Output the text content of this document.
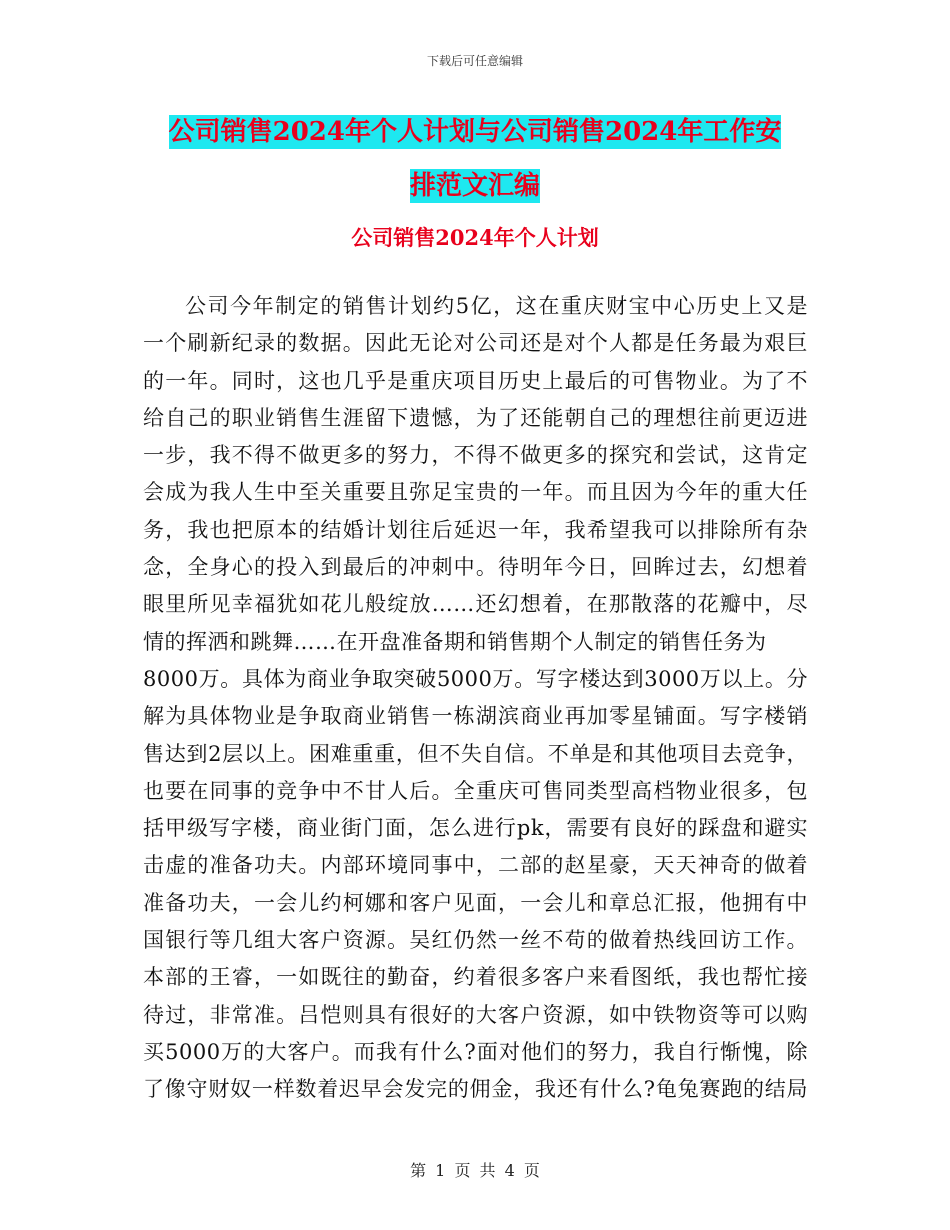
下载后可任意编辑
公司销售2024年个人计划与公司销售2024年工作安
排范文汇编
公司销售2024年个人计划
公司今年制定的销售计划约5亿，这在重庆财宝中心历史上又是
一个刷新纪录的数据。因此无论对公司还是对个人都是任务最为艰巨
的一年。同时，这也几乎是重庆项目历史上最后的可售物业。为了不
给自己的职业销售生涯留下遗憾，为了还能朝自己的理想往前更迈进
一步，我不得不做更多的努力，不得不做更多的探究和尝试，这肯定
会成为我人生中至关重要且弥足宝贵的一年。而且因为今年的重大任
务，我也把原本的结婚计划往后延迟一年，我希望我可以排除所有杂
念，全身心的投入到最后的冲刺中。待明年今日，回眸过去，幻想着
眼里所见幸福犹如花儿般绽放……还幻想着，在那散落的花瓣中，尽
情的挥洒和跳舞……在开盘准备期和销售期个人制定的销售任务为
8000万。具体为商业争取突破5000万。写字楼达到3000万以上。分
解为具体物业是争取商业销售一栋湖滨商业再加零星铺面。写字楼销
售达到2层以上。困难重重，但不失自信。不单是和其他项目去竞争，
也要在同事的竞争中不甘人后。全重庆可售同类型高档物业很多，包
括甲级写字楼，商业街门面，怎么进行pk，需要有良好的踩盘和避实
击虚的准备功夫。内部环境同事中，二部的赵星豪，天天神奇的做着
准备功夫，一会儿约柯娜和客户见面，一会儿和章总汇报，他拥有中
国银行等几组大客户资源。吴红仍然一丝不苟的做着热线回访工作。
本部的王睿，一如既往的勤奋，约着很多客户来看图纸，我也帮忙接
待过，非常准。吕恺则具有很好的大客户资源，如中铁物资等可以购
买5000万的大客户。而我有什么?面对他们的努力，我自行惭愧，除
了像守财奴一样数着迟早会发完的佣金，我还有什么?龟兔赛跑的结局
第 1 页 共 4 页
